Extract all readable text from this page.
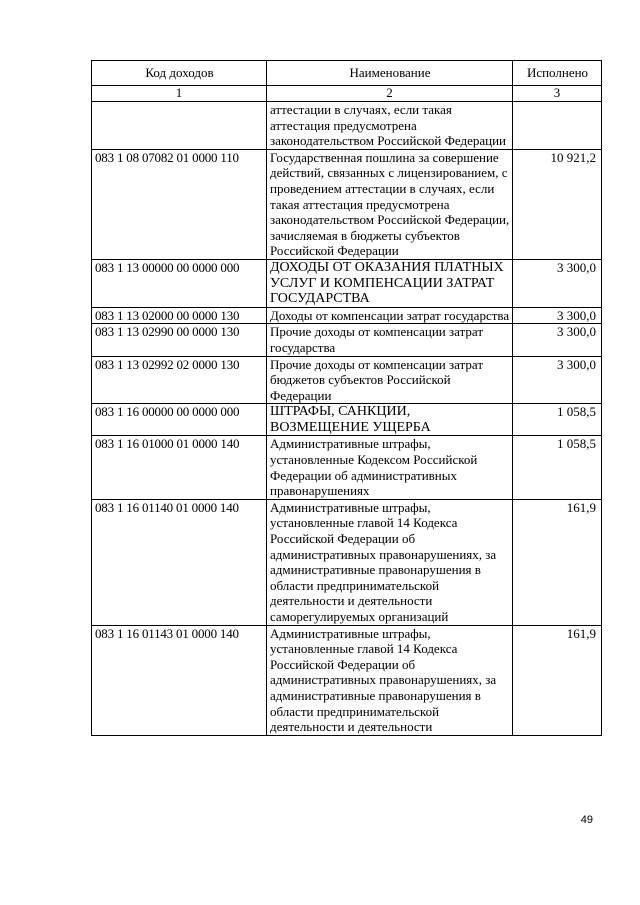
Код доходов	Наименование	Исполнено
1	2	3
	аттестации в случаях, если такая аттестация предусмотрена законодательством Российской Федерации	
083 1 08 07082 01 0000 110	Государственная пошлина за совершение действий, связанных с лицензированием, с проведением аттестации в случаях, если такая аттестация предусмотрена законодательством Российской Федерации, зачисляемая в бюджеты субъектов Российской Федерации	10 921,2
083 1 13 00000 00 0000 000	ДОХОДЫ ОТ ОКАЗАНИЯ ПЛАТНЫХ УСЛУГ И КОМПЕНСАЦИИ ЗАТРАТ ГОСУДАРСТВА	3 300,0
083 1 13 02000 00 0000 130	Доходы от компенсации затрат государства	3 300,0
083 1 13 02990 00 0000 130	Прочие доходы от компенсации затрат государства	3 300,0
083 1 13 02992 02 0000 130	Прочие доходы от компенсации затрат бюджетов субъектов Российской Федерации	3 300,0
083 1 16 00000 00 0000 000	ШТРАФЫ, САНКЦИИ, ВОЗМЕЩЕНИЕ УЩЕРБА	1 058,5
083 1 16 01000 01 0000 140	Административные штрафы, установленные Кодексом Российской Федерации об административных правонарушениях	1 058,5
083 1 16 01140 01 0000 140	Административные штрафы, установленные главой 14 Кодекса Российской Федерации об административных правонарушениях, за административные правонарушения в области предпринимательской деятельности и деятельности саморегулируемых организаций	161,9
083 1 16 01143 01 0000 140	Административные штрафы, установленные главой 14 Кодекса Российской Федерации об административных правонарушениях, за административные правонарушения в области предпринимательской деятельности и деятельности	161,9
49
